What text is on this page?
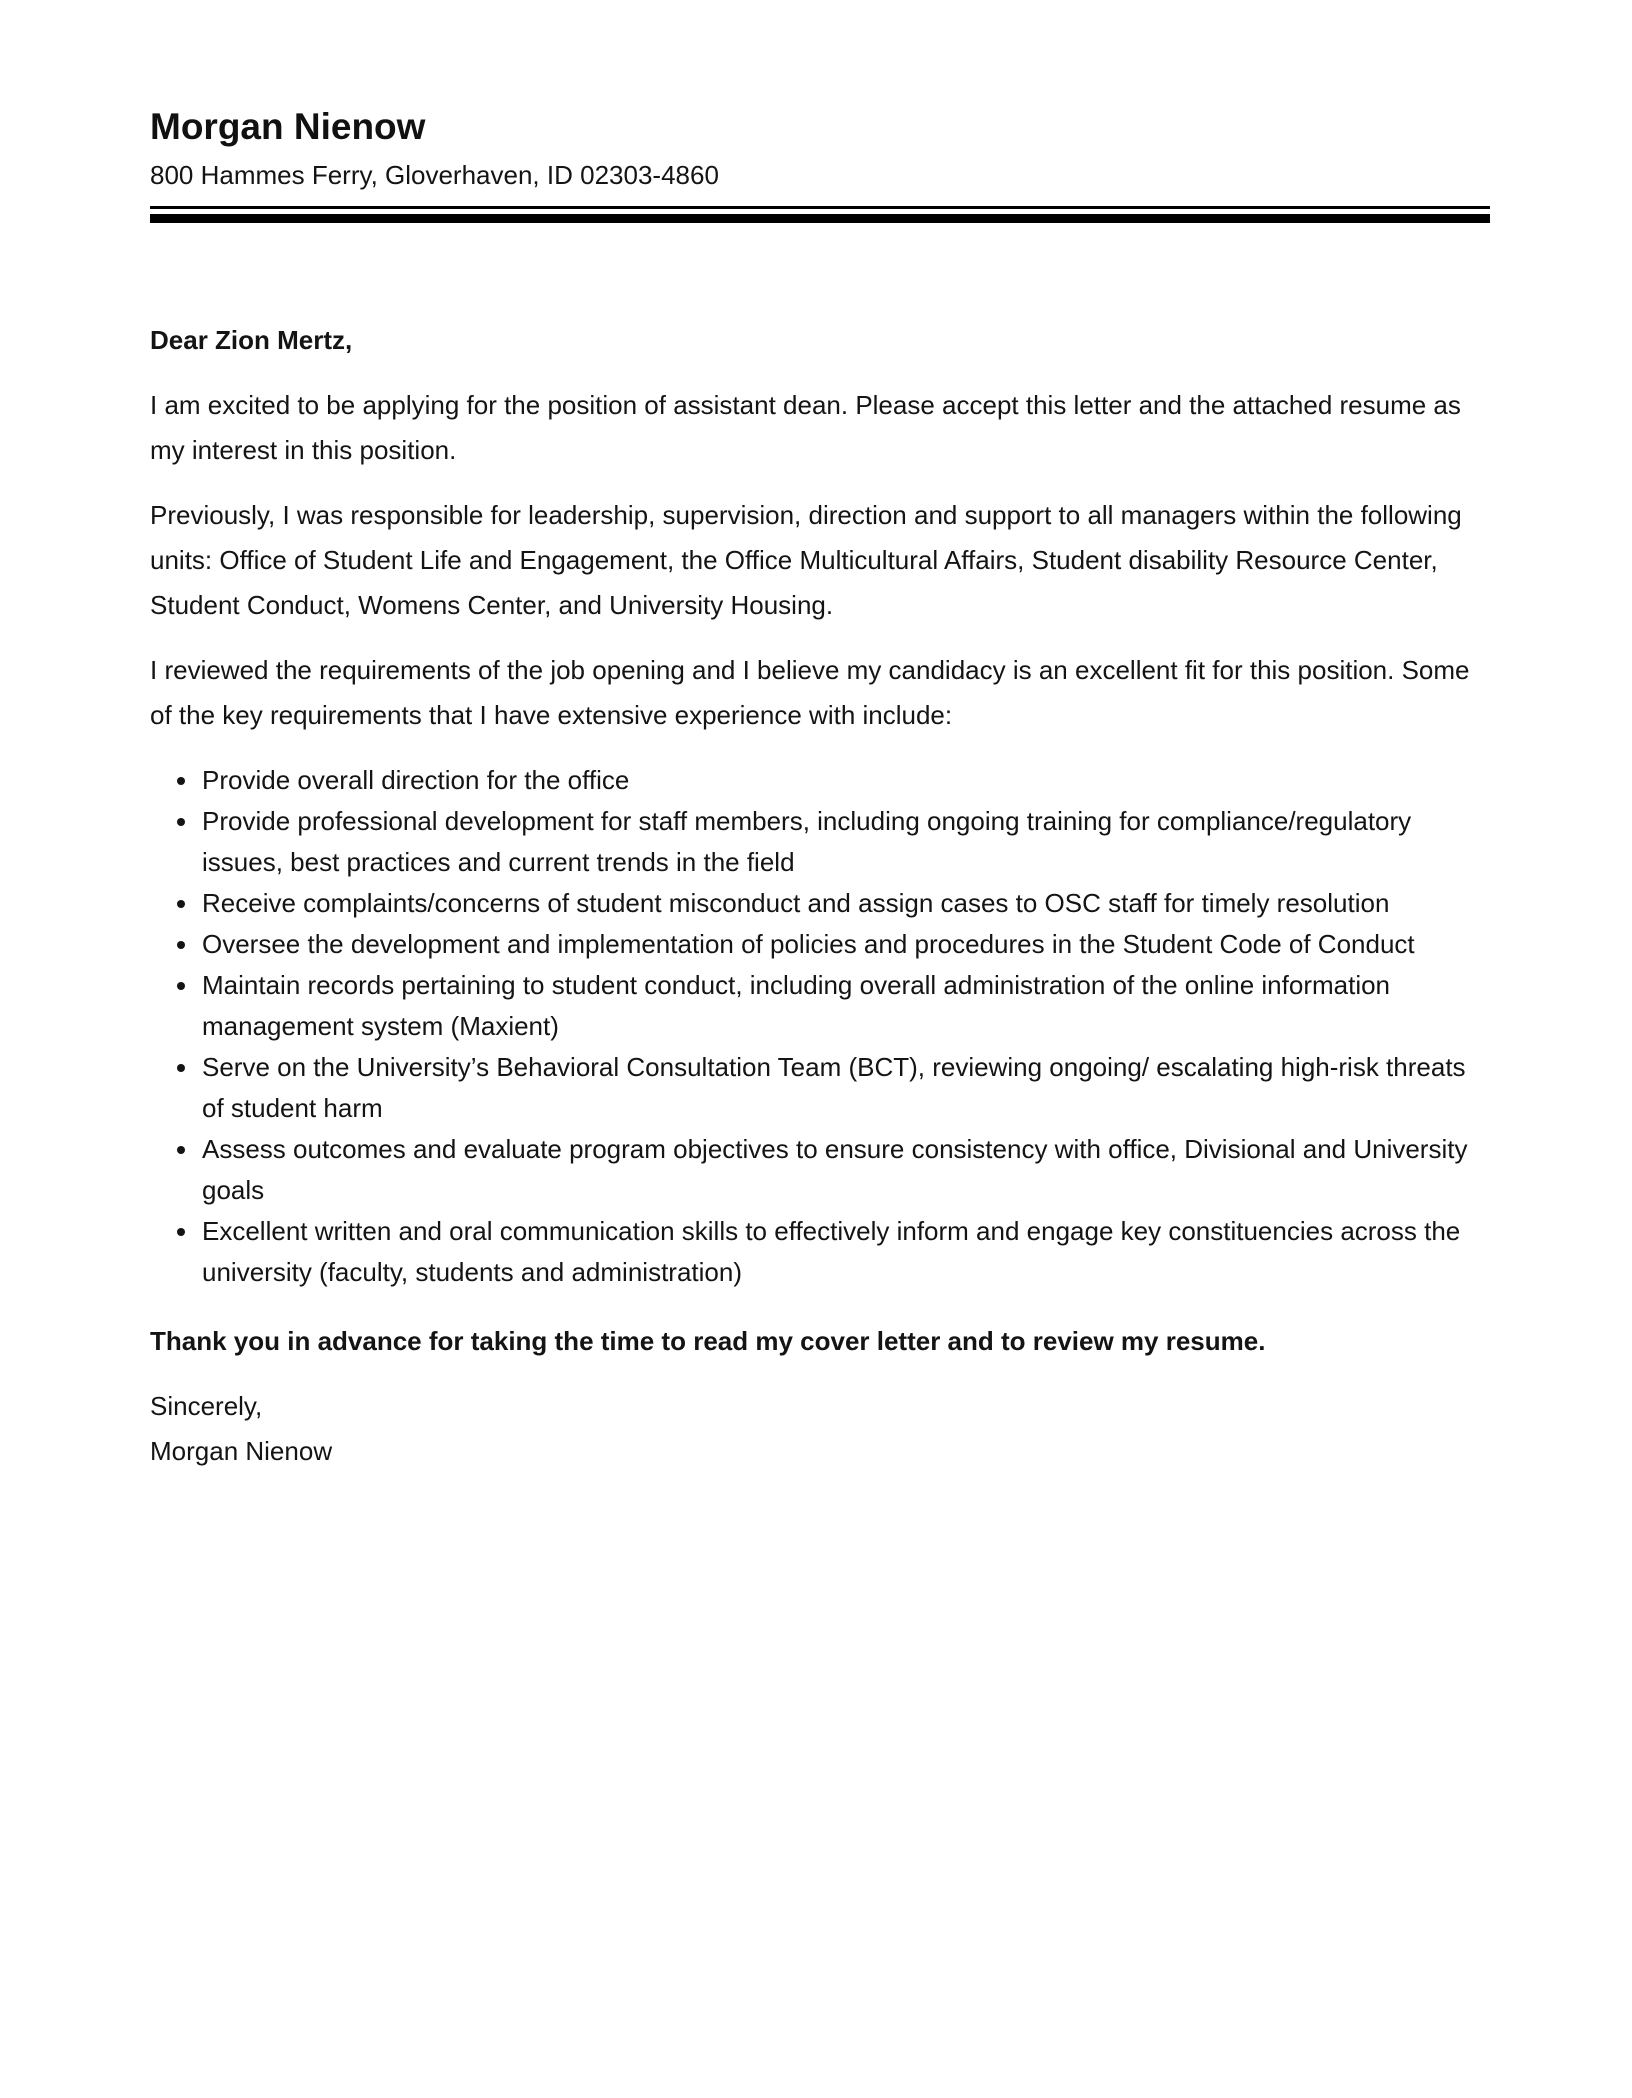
Morgan Nienow
800 Hammes Ferry, Gloverhaven, ID 02303-4860

Dear Zion Mertz,

I am excited to be applying for the position of assistant dean. Please accept this letter and the attached resume as my interest in this position.

Previously, I was responsible for leadership, supervision, direction and support to all managers within the following units: Office of Student Life and Engagement, the Office Multicultural Affairs, Student disability Resource Center, Student Conduct, Womens Center, and University Housing.

I reviewed the requirements of the job opening and I believe my candidacy is an excellent fit for this position. Some of the key requirements that I have extensive experience with include:

• Provide overall direction for the office
• Provide professional development for staff members, including ongoing training for compliance/regulatory issues, best practices and current trends in the field
• Receive complaints/concerns of student misconduct and assign cases to OSC staff for timely resolution
• Oversee the development and implementation of policies and procedures in the Student Code of Conduct
• Maintain records pertaining to student conduct, including overall administration of the online information management system (Maxient)
• Serve on the University’s Behavioral Consultation Team (BCT), reviewing ongoing/ escalating high-risk threats of student harm
• Assess outcomes and evaluate program objectives to ensure consistency with office, Divisional and University goals
• Excellent written and oral communication skills to effectively inform and engage key constituencies across the university (faculty, students and administration)

Thank you in advance for taking the time to read my cover letter and to review my resume.

Sincerely,
Morgan Nienow
